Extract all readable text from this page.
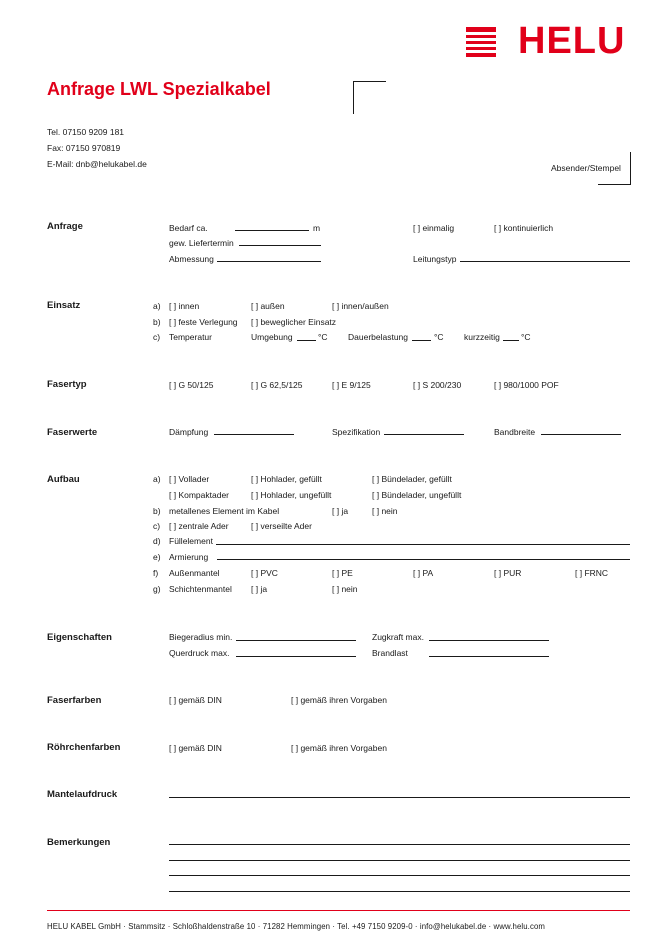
HELU
Anfrage LWL Spezialkabel
Tel. 07150 9209 181
Fax: 07150 970819
E-Mail: dnb@helukabel.de	Absender/Stempel
Anfrage	Bedarf ca.	m	[ ] einmalig	[ ] kontinuierlich
gew. Liefertermin
Abmessung	Leitungstyp
Einsatz	a) [ ] innen	[ ] außen	[ ] innen/außen
b) [ ] feste Verlegung [ ] beweglicher Einsatz
c) Temperatur	Umgebung	°C Dauerbelastung	°C kurzzeitig °C
Fasertyp	[ ] G 50/125	[ ] G 62,5/125	[ ] E 9/125	[ ] S 200/230	[ ] 980/1000 POF
Faserwerte	Dämpfung	Spezifikation	Bandbreite
Aufbau	a) [ ] Vollader	[ ] Hohlader, gefüllt	[ ] Bündelader, gefüllt
[ ] Kompaktader	[ ] Hohlader, ungefüllt	[ ] Bündelader, ungefüllt
b) metallenes Element im Kabel	[ ] ja	[ ] nein
c) [ ] zentrale Ader	[ ] verseilte Ader
d) Füllelement
e) Armierung
f) Außenmantel	[ ] PVC	[ ] PE	[ ] PA	[ ] PUR	[ ] FRNC
g) Schichtenmantel [ ] ja	[ ] nein
Eigenschaften	Biegeradius min.	Zugkraft max.
Querdruck max.	Brandlast
Faserfarben	[ ] gemäß DIN	[ ] gemäß ihren Vorgaben
Röhrchenfarben	[ ] gemäß DIN	[ ] gemäß ihren Vorgaben
Mantelaufdruck
Bemerkungen
HELU KABEL GmbH · Stammsitz · Schloßhaldenstraße 10 · 71282 Hemmingen · Tel. +49 7150 9209-0 · info@helukabel.de · www.helu.com
